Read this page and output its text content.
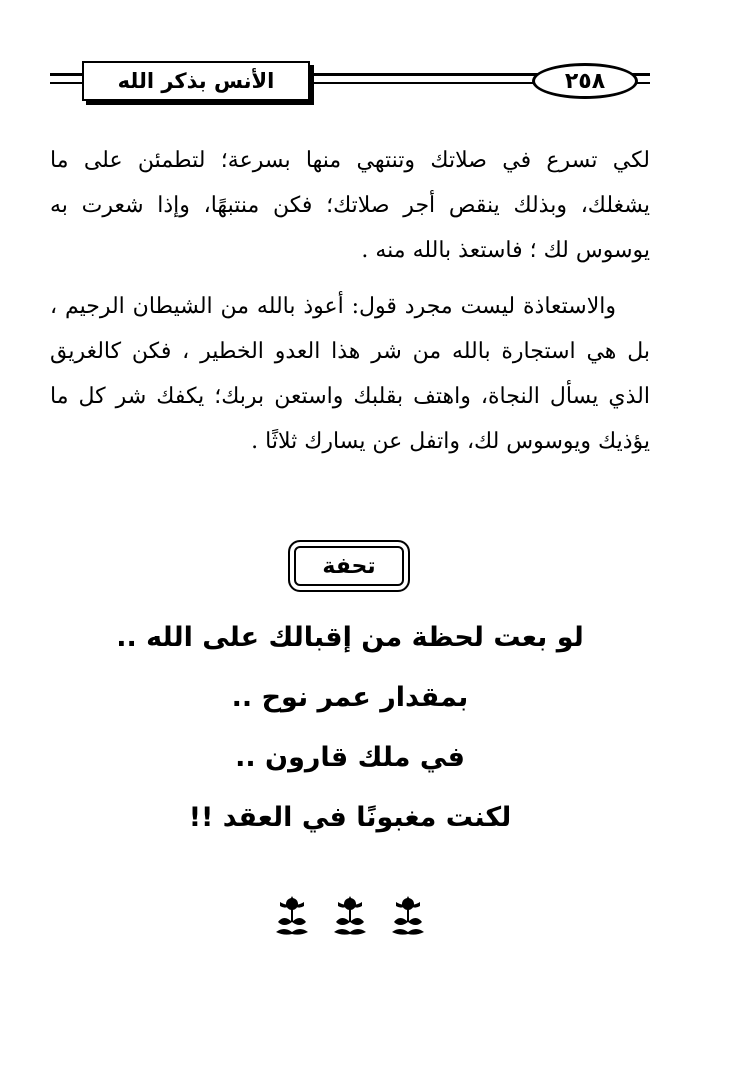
الأنس بذكر الله	٢٥٨

لكي تسرع في صلاتك وتنتهي منها بسرعة؛ لتطمئن على ما يشغلك، وبذلك ينقص أجر صلاتك؛ فكن منتبهًا، وإذا شعرت به يوسوس لك ؛ فاستعذ بالله منه .

والاستعاذة ليست مجرد قول: أعوذ بالله من الشيطان الرجيم ، بل هي استجارة بالله من شر هذا العدو الخطير ، فكن كالغريق الذي يسأل النجاة، واهتف بقلبك واستعن بربك؛ يكفك شر كل ما يؤذيك ويوسوس لك، واتفل عن يسارك ثلاثًا .

تحفة
لو بعت لحظة من إقبالك على الله ..
بمقدار عمر نوح ..
في ملك قارون ..
لكنت مغبونًا في العقد !!
